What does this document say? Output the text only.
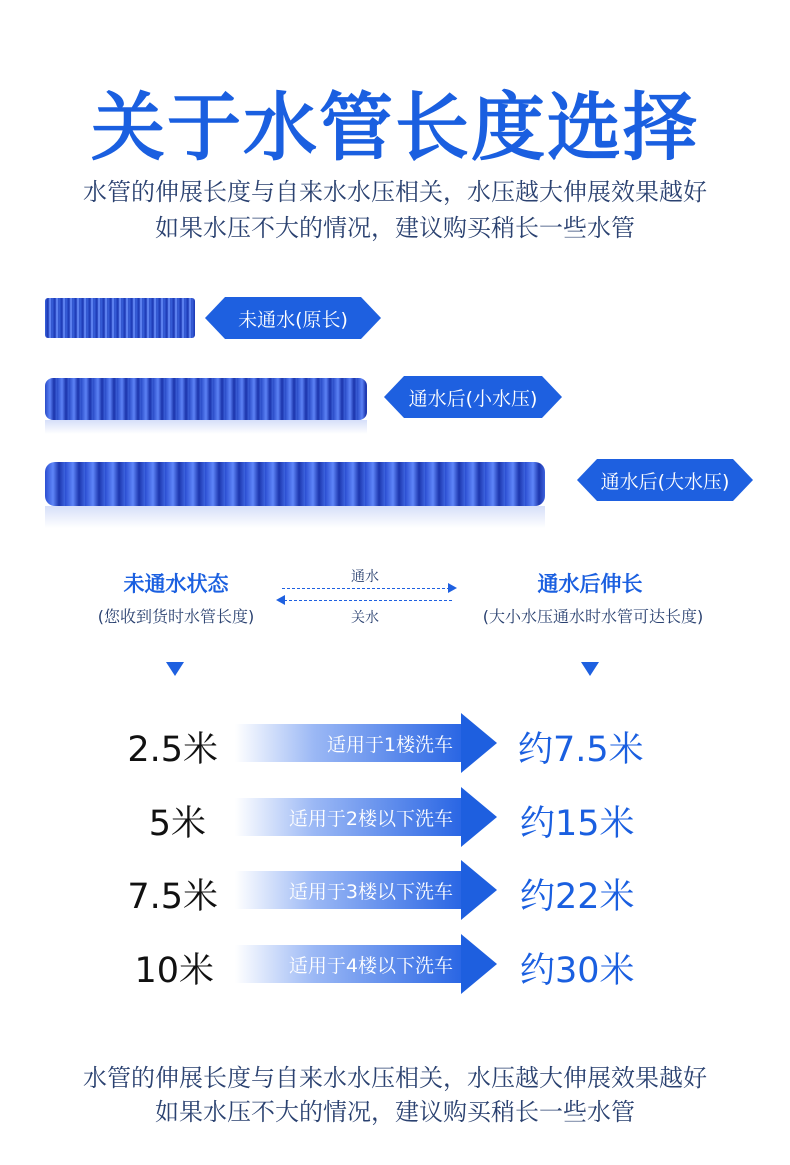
关于水管长度选择
水管的伸展长度与自来水水压相关，水压越大伸展效果越好
如果水压不大的情况，建议购买稍长一些水管
未通水(原长)
通水后(小水压)
通水后(大水压)
未通水状态
(您收到货时水管长度)
通水
关水
通水后伸长
(大小水压通水时水管可达长度)
2.5米	适用于1楼洗车 约7.5米
5米	适用于2楼以下洗车 约15米
7.5米	适用于3楼以下洗车 约22米
10米	适用于4楼以下洗车 约30米
水管的伸展长度与自来水水压相关，水压越大伸展效果越好
如果水压不大的情况，建议购买稍长一些水管
